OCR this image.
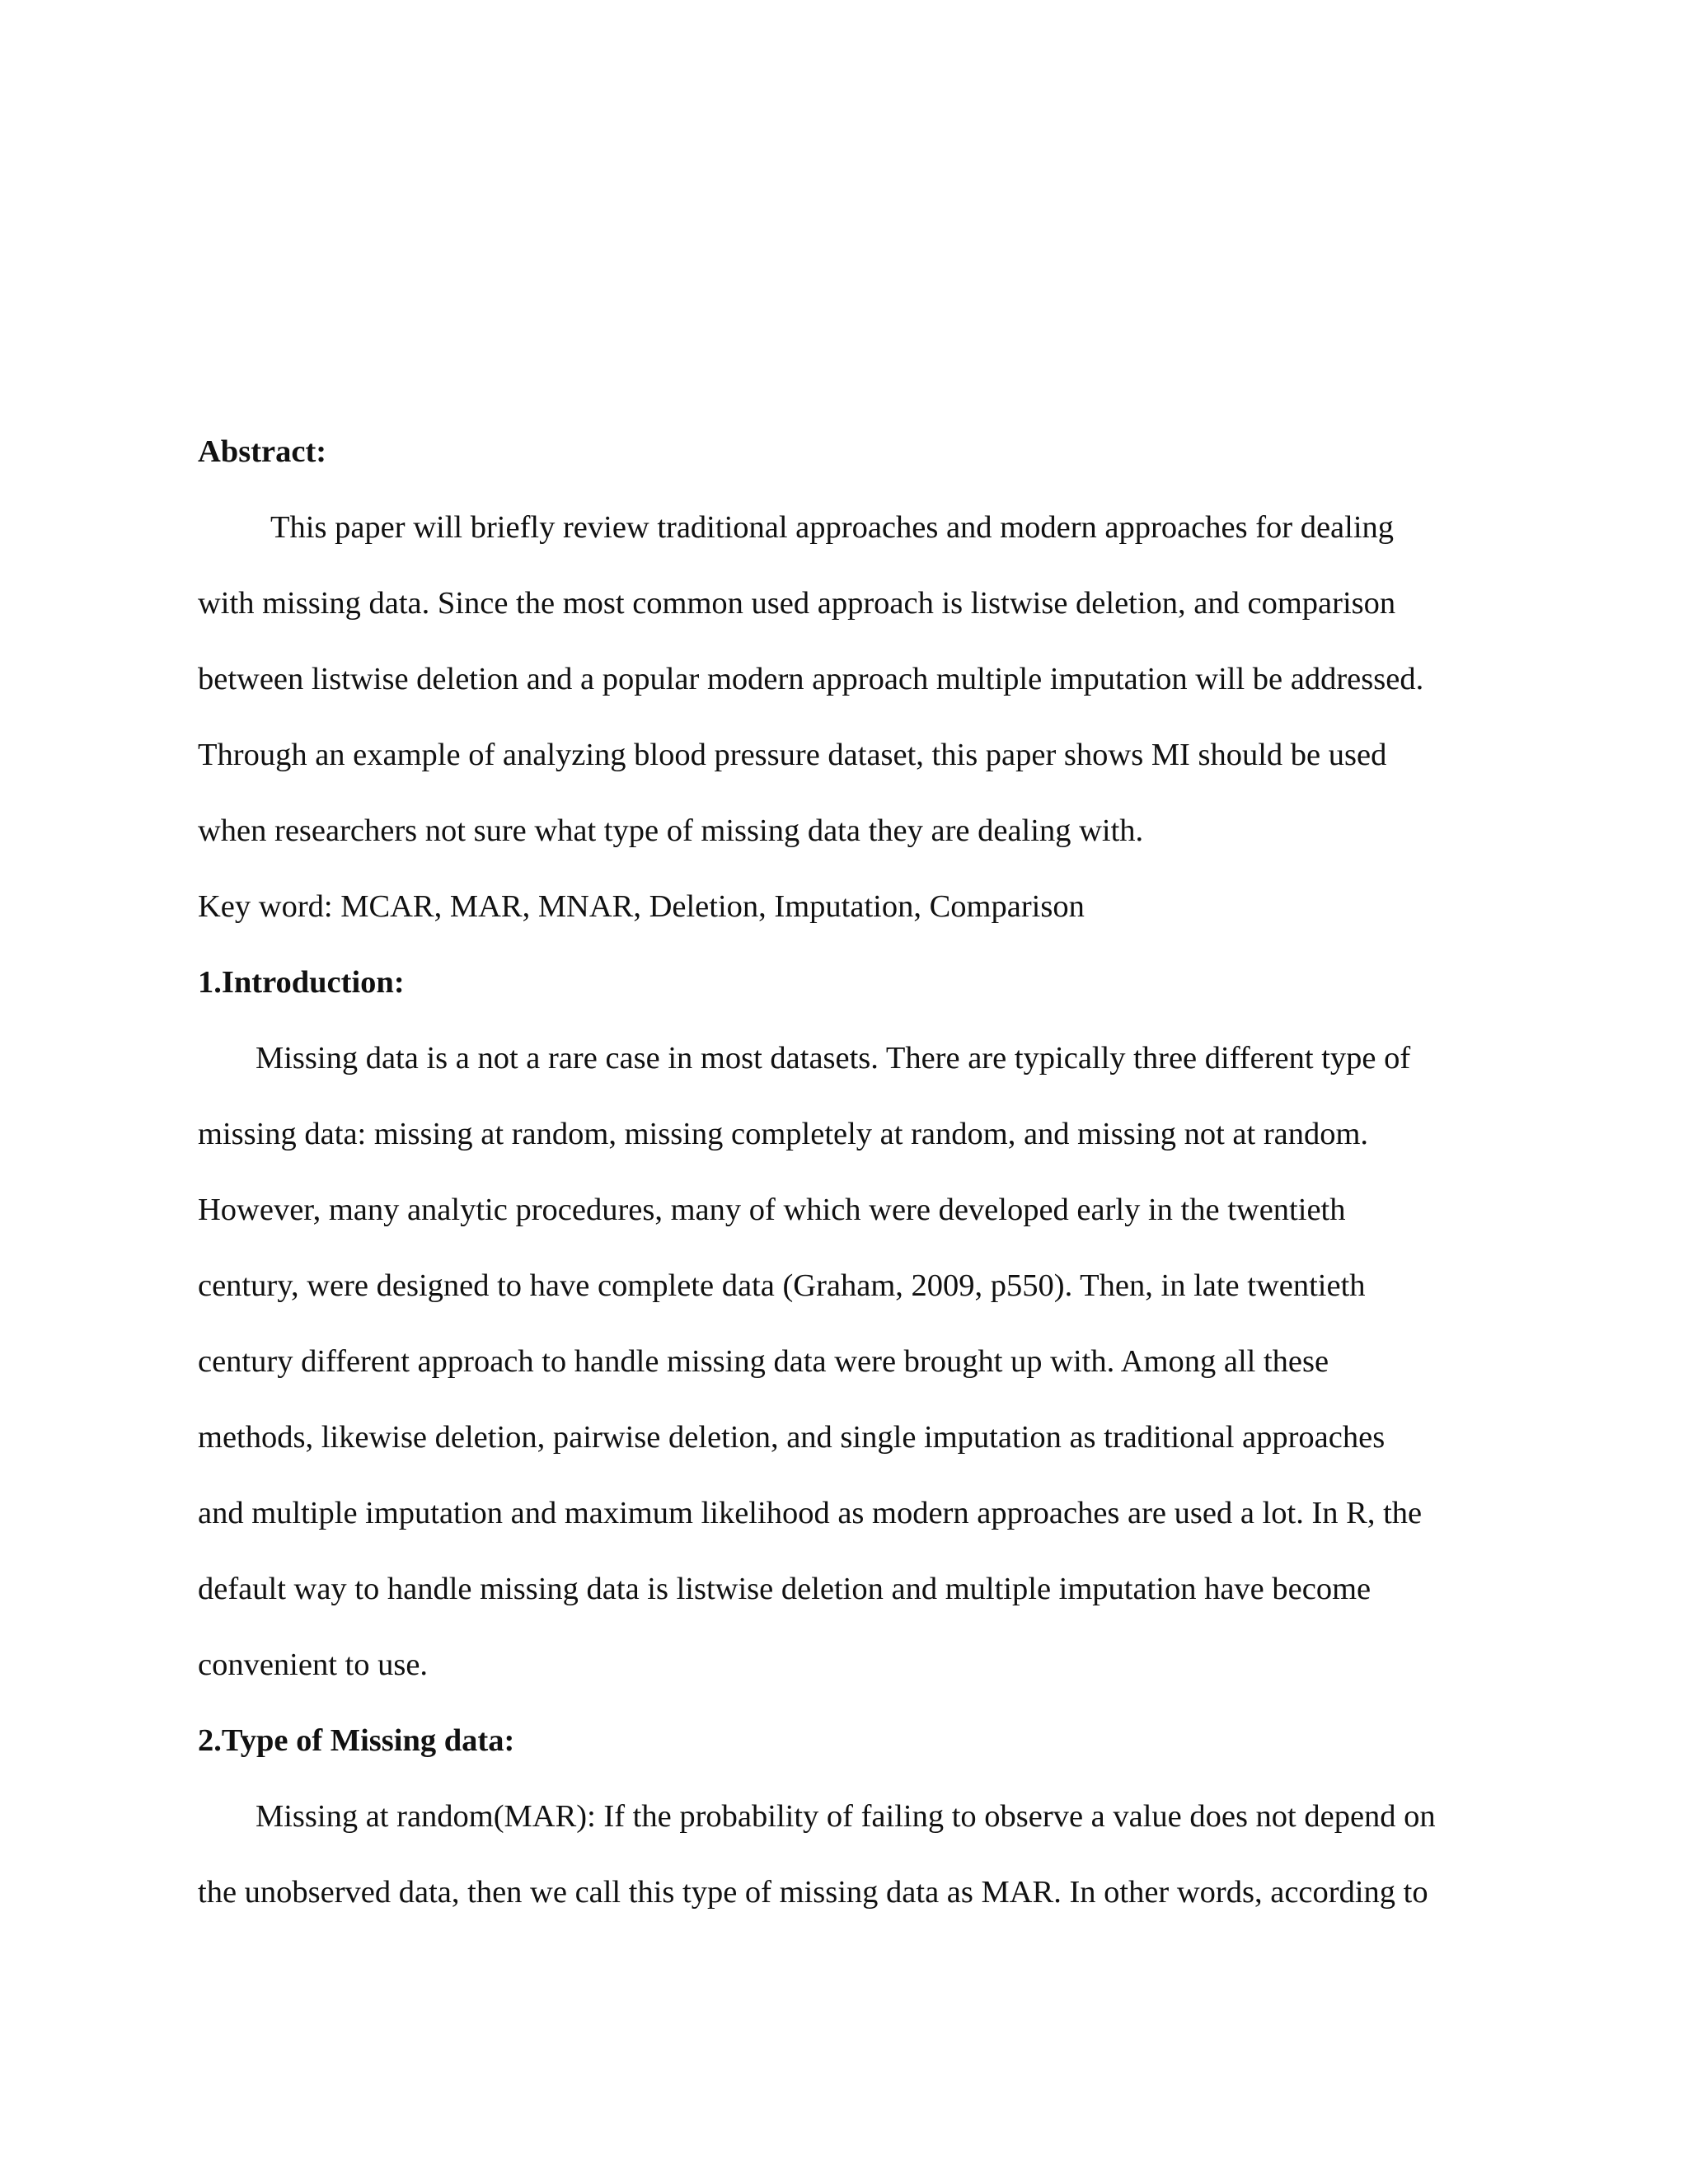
Abstract:
This paper will briefly review traditional approaches and modern approaches for dealing
with missing data. Since the most common used approach is listwise deletion, and comparison
between listwise deletion and a popular modern approach multiple imputation will be addressed.
Through an example of analyzing blood pressure dataset, this paper shows MI should be used
when researchers not sure what type of missing data they are dealing with.
Key word: MCAR, MAR, MNAR, Deletion, Imputation, Comparison
1.Introduction:
Missing data is a not a rare case in most datasets. There are typically three different type of
missing data: missing at random, missing completely at random, and missing not at random.
However, many analytic procedures, many of which were developed early in the twentieth
century, were designed to have complete data (Graham, 2009, p550). Then, in late twentieth
century different approach to handle missing data were brought up with. Among all these
methods, likewise deletion, pairwise deletion, and single imputation as traditional approaches
and multiple imputation and maximum likelihood as modern approaches are used a lot. In R, the
default way to handle missing data is listwise deletion and multiple imputation have become
convenient to use.
2.Type of Missing data:
Missing at random(MAR): If the probability of failing to observe a value does not depend on
the unobserved data, then we call this type of missing data as MAR. In other words, according to
